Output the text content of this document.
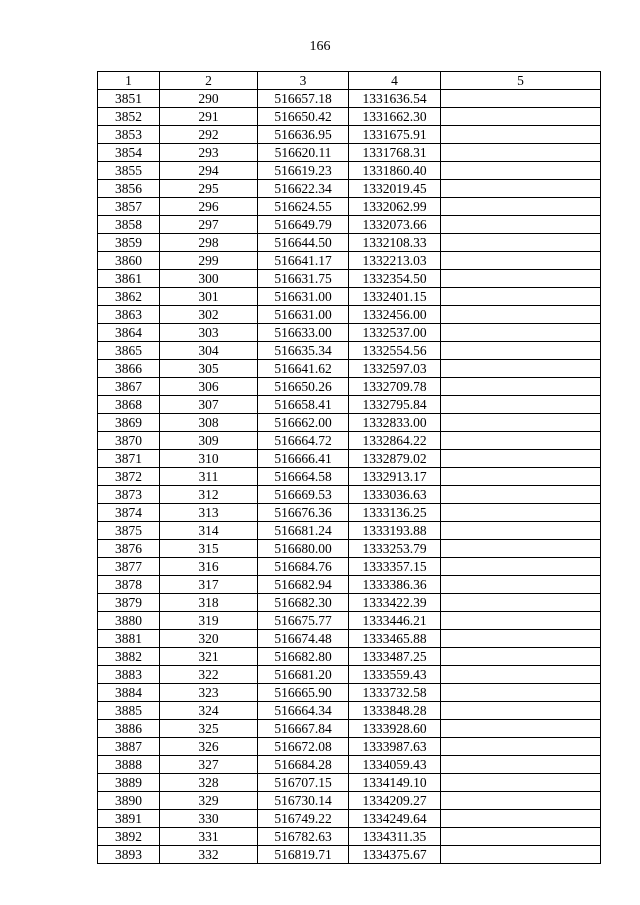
166
1	2	3	4	5
3851	290	516657.18	1331636.54	
3852	291	516650.42	1331662.30	
3853	292	516636.95	1331675.91	
3854	293	516620.11	1331768.31	
3855	294	516619.23	1331860.40	
3856	295	516622.34	1332019.45	
3857	296	516624.55	1332062.99	
3858	297	516649.79	1332073.66	
3859	298	516644.50	1332108.33	
3860	299	516641.17	1332213.03	
3861	300	516631.75	1332354.50	
3862	301	516631.00	1332401.15	
3863	302	516631.00	1332456.00	
3864	303	516633.00	1332537.00	
3865	304	516635.34	1332554.56	
3866	305	516641.62	1332597.03	
3867	306	516650.26	1332709.78	
3868	307	516658.41	1332795.84	
3869	308	516662.00	1332833.00	
3870	309	516664.72	1332864.22	
3871	310	516666.41	1332879.02	
3872	311	516664.58	1332913.17	
3873	312	516669.53	1333036.63	
3874	313	516676.36	1333136.25	
3875	314	516681.24	1333193.88	
3876	315	516680.00	1333253.79	
3877	316	516684.76	1333357.15	
3878	317	516682.94	1333386.36	
3879	318	516682.30	1333422.39	
3880	319	516675.77	1333446.21	
3881	320	516674.48	1333465.88	
3882	321	516682.80	1333487.25	
3883	322	516681.20	1333559.43	
3884	323	516665.90	1333732.58	
3885	324	516664.34	1333848.28	
3886	325	516667.84	1333928.60	
3887	326	516672.08	1333987.63	
3888	327	516684.28	1334059.43	
3889	328	516707.15	1334149.10	
3890	329	516730.14	1334209.27	
3891	330	516749.22	1334249.64	
3892	331	516782.63	1334311.35	
3893	332	516819.71	1334375.67	
